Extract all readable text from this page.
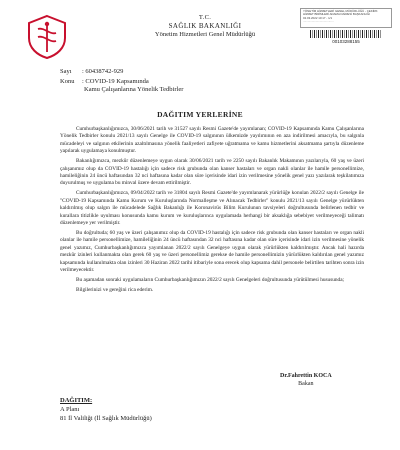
T.C.
SAĞLIK BAKANLIĞI
Yönetim Hizmetleri Genel Müdürlüğü
YÖNETİM HİZMETLERİ GENEL MÜDÜRLÜĞÜ - ÇEKİRK
HİZMET BİRİMLERİ ADAMA DAİRESİ BAŞKANLIĞI
02.03.2022 10:17 - 1/1
......................................
00103288155
Sayı : 60438742-929
Konu : COVID-19 Kapsamında
Kamu Çalışanlarına Yönelik Tedbirler
DAĞITIM YERLERİNE

Cumhurbaşkanlığımızca, 30/06/2021 tarih ve 31527 sayılı Resmi Gazete'de yayımlanan; COVID-19 Kapsamında Kamu Çalışanlarına Yönelik Tedbirler konulu 2021/13 sayılı Genelge ile COVID-19 salgınının ülkemizde yayılımının en aza indirilmesi amacıyla, bu salgınla mücadeleyi ve salgının etkilerinin azaltılmasına yönelik faaliyetleri zafiyete uğratmama ve kamu hizmetlerini aksatmama şartıyla düzenleme yapılarak uygulamaya konulmuştur.

Bakanlığımızca, mezkûr düzenlemeye uygun olarak 30/06/2021 tarih ve 2250 sayılı Bakanlık Makamının yazılarıyla, 60 yaş ve üzeri çalışanımız olup da COVID-19 hastalığı için sadece risk grubunda olan kanser hastaları ve organ nakli olanlar ile hamile personellimize, hamileliğinin 24 üncü haftasından 32 nci haftasına kadar olan süre içerisinde idari izin verilmesine yönelik genel yazı yazılarak teşkilatımıza duyurulmuş ve uygulama bu minval üzere devam ettirilmiştir.

Cumhurbaşkanlığımızca, 09/04/2022 tarih ve 31804 sayılı Resmi Gazete'de yayımlanarak yürürlüğe konulan 2022/2 sayılı Genelge ile "COVID-19 Kapsamında Kamu Kurum ve Kuruluşlarında Normalleşme ve Alınacak Tedbirler" konulu 2021/13 sayılı Genelge yürürlükten kaldırılmış olup salgın ile mücadelede Sağlık Bakanlığı ile Koronavirüs Bilim Kurulunun tavsiyeleri doğrultusunda belirlenen tedbir ve kurallara titizlikle uyulması konusunda kamu kurum ve kuruluşlarınca uygulamada herhangi bir aksaklığa sebebiyet verilmeyeceği talimatı düzenlemeye yer verilmiştir.

Bu doğrultuda; 60 yaş ve üzeri çalışanımız olup da COVID-19 hastalığı için sadece risk grubunda olan kanser hastaları ve organ nakli olanlar ile hamile personellimize, hamileliğinin 24 üncü haftasından 32 nci haftasına kadar olan süre içerisinde idari izin verilmesine yönelik genel yazımız, Cumhurbaşkanlığımızca yayımlanan 2022/2 sayılı Genelgeye uygun olarak yürürlükten kaldırılmıştır. Ancak hali hazırda mezkûr izinleri kullanmakta olan gerek 60 yaş ve üzeri personellimiz gerekse de hamile personellimizin yürürlükten kaldırılan genel yazımız kapsamında kullanılmakta olan izinleri 30 Haziran 2022 tarihi itibariyle sona erecek olup kapsama dahil personele belirtilen tarihten sonra izin verilmeyecektir.

Bu aşamadan sonraki uygulamaların Cumhurbaşkanlığımızın 2022/2 sayılı Genelgeleri doğrultusunda yürütülmesi hususunda;

Bilgilerinizi ve gereğini rica ederim.

Dr.Fahrettin KOCA
Bakan
DAĞITIM:
A Planı
81 İl Valiliği (İl Sağlık Müdürlüğü)
